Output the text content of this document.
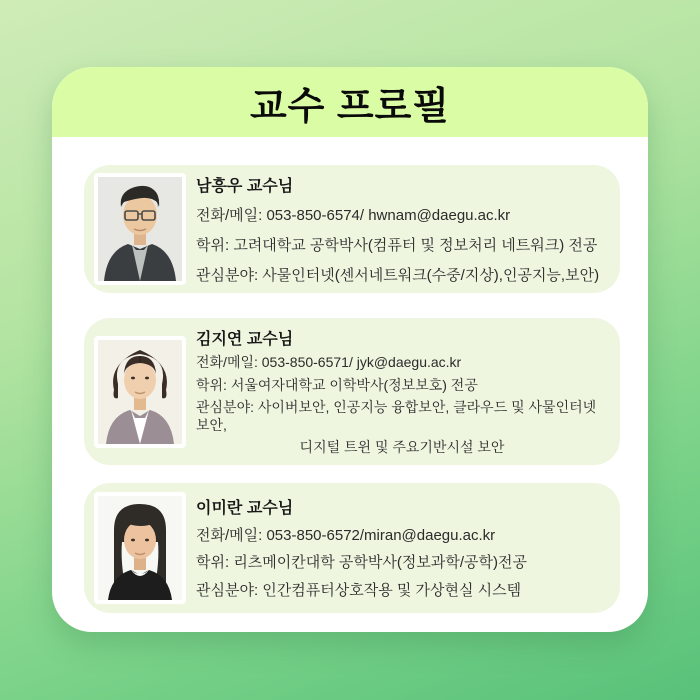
교수 프로필
남흥우 교수님
전화/메일: 053-850-6574/ hwnam@daegu.ac.kr
학위: 고려대학교 공학박사(컴퓨터 및 정보처리 네트워크) 전공
관심분야: 사물인터넷(센서네트워크(수중/지상),인공지능,보안)
김지연 교수님
전화/메일: 053-850-6571/ jyk@daegu.ac.kr
학위: 서울여자대학교 이학박사(정보보호) 전공
관심분야: 사이버보안, 인공지능 융합보안, 클라우드 및 사물인터넷 보안,
디지털 트윈 및 주요기반시설 보안
이미란 교수님
전화/메일: 053-850-6572/miran@daegu.ac.kr
학위: 리츠메이칸대학 공학박사(정보과학/공학)전공
관심분야: 인간컴퓨터상호작용 및 가상현실 시스템
